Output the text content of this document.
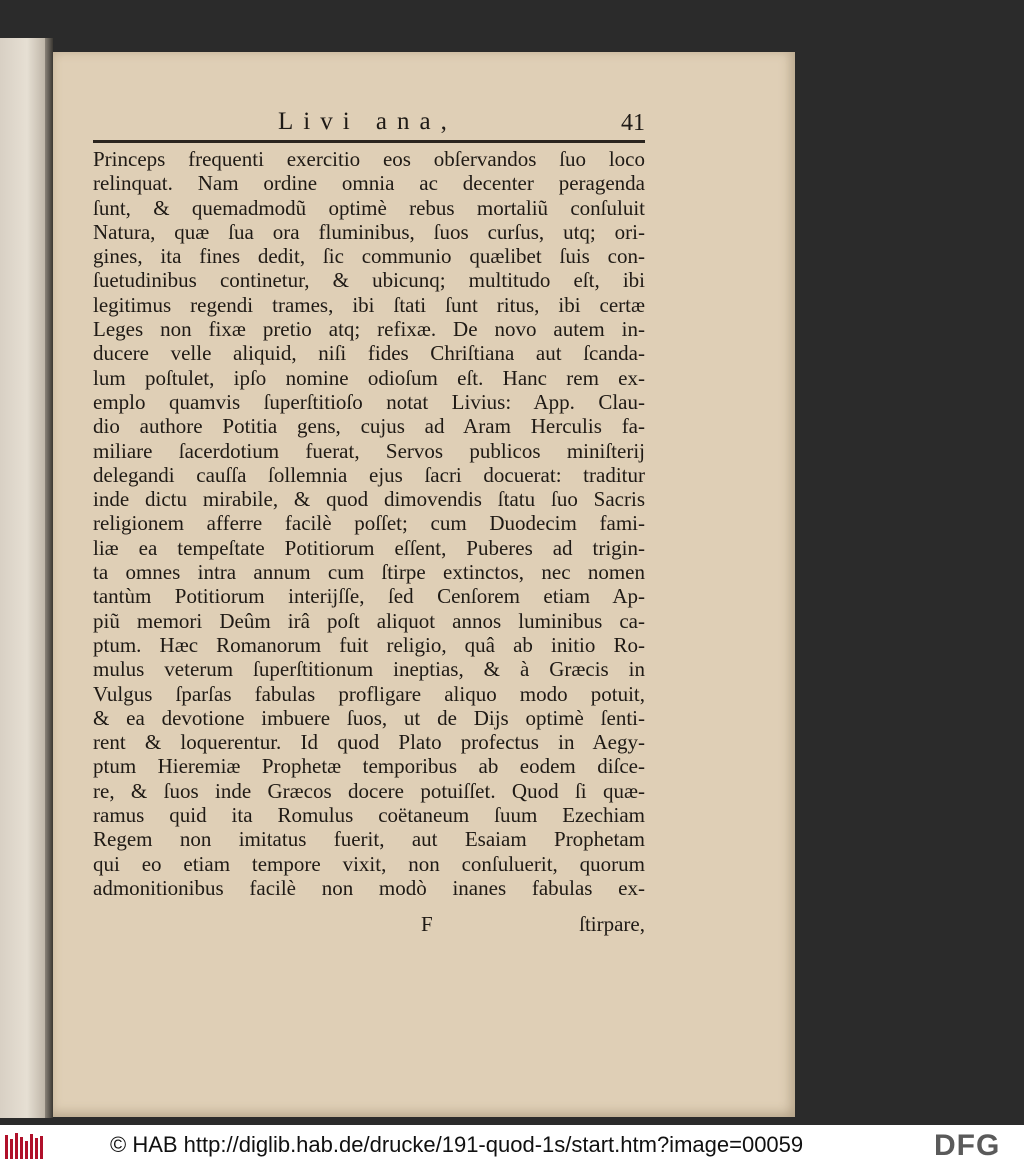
Livi ana,	41
Princeps frequenti exercitio eos obſervandos ſuo loco
relinquat. Nam ordine omnia ac decenter peragenda
ſunt, & quemadmodũ optimè rebus mortaliũ conſuluit
Natura, quæ ſua ora fluminibus, ſuos curſus, utq; ori-
gines, ita fines dedit, ſic communio quælibet ſuis con-
ſuetudinibus continetur, & ubicunq; multitudo eſt, ibi
legitimus regendi trames, ibi ſtati ſunt ritus, ibi certæ
Leges non fixæ pretio atq; refixæ. De novo autem in-
ducere velle aliquid, niſi fides Chriſtiana aut ſcanda-
lum poſtulet, ipſo nomine odioſum eſt. Hanc rem ex-
emplo quamvis ſuperſtitioſo notat Livius: App. Clau-
dio authore Potitia gens, cujus ad Aram Herculis fa-
miliare ſacerdotium fuerat, Servos publicos miniſterij
delegandi cauſſa ſollemnia ejus ſacri docuerat: traditur
inde dictu mirabile, & quod dimovendis ſtatu ſuo Sacris
religionem afferre facilè poſſet; cum Duodecim fami-
liæ ea tempeſtate Potitiorum eſſent, Puberes ad trigin-
ta omnes intra annum cum ſtirpe extinctos, nec nomen
tantùm Potitiorum interijſſe, ſed Cenſorem etiam Ap-
piũ memori Deûm irâ poſt aliquot annos luminibus ca-
ptum. Hæc Romanorum fuit religio, quâ ab initio Ro-
mulus veterum ſuperſtitionum ineptias, & à Græcis in
Vulgus ſparſas fabulas profligare aliquo modo potuit,
& ea devotione imbuere ſuos, ut de Dijs optimè ſenti-
rent & loquerentur. Id quod Plato profectus in Aegy-
ptum Hieremiæ Prophetæ temporibus ab eodem diſce-
re, & ſuos inde Græcos docere potuiſſet. Quod ſi quæ-
ramus quid ita Romulus coëtaneum ſuum Ezechiam
Regem non imitatus fuerit, aut Esaiam Prophetam
qui eo etiam tempore vixit, non conſuluerit, quorum
admonitionibus facilè non modò inanes fabulas ex-
F	ſtirpare,
© HAB http://diglib.hab.de/drucke/191-quod-1s/start.htm?image=00059	DFG
